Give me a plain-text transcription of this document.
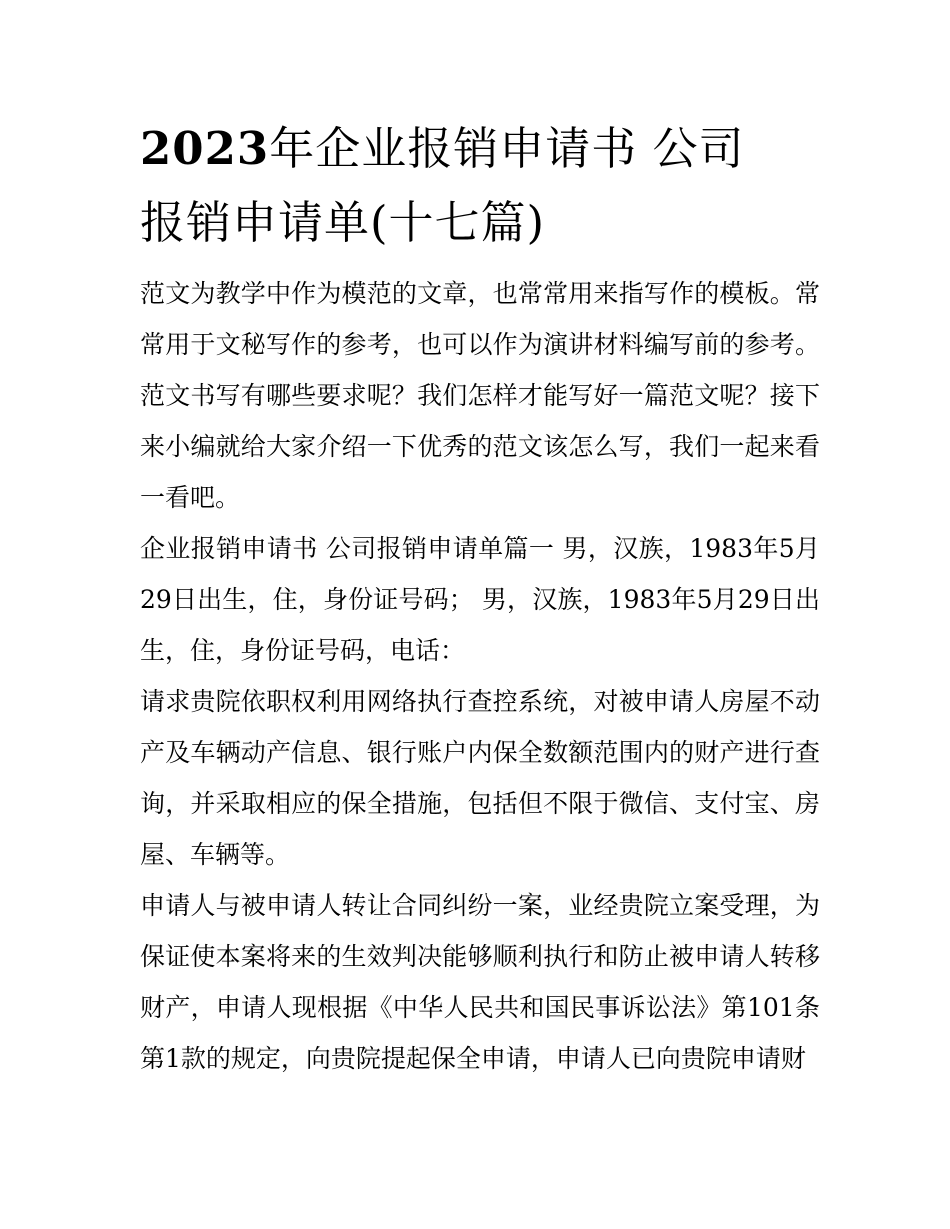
2023年企业报销申请书 公司
报销申请单(十七篇)

范文为教学中作为模范的文章，也常常用来指写作的模板。常常用于文秘写作的参考，也可以作为演讲材料编写前的参考。范文书写有哪些要求呢？我们怎样才能写好一篇范文呢？接下来小编就给大家介绍一下优秀的范文该怎么写，我们一起来看一看吧。

企业报销申请书 公司报销申请单篇一 男，汉族，1983年5月29日出生，住，身份证号码； 男，汉族，1983年5月29日出生，住，身份证号码，电话：

请求贵院依职权利用网络执行查控系统，对被申请人房屋不动产及车辆动产信息、银行账户内保全数额范围内的财产进行查询，并采取相应的保全措施，包括但不限于微信、支付宝、房屋、车辆等。

申请人与被申请人转让合同纠纷一案，业经贵院立案受理，为保证使本案将来的生效判决能够顺利执行和防止被申请人转移财产，申请人现根据《中华人民共和国民事诉讼法》第101条第1款的规定，向贵院提起保全申请，申请人已向贵院申请财
